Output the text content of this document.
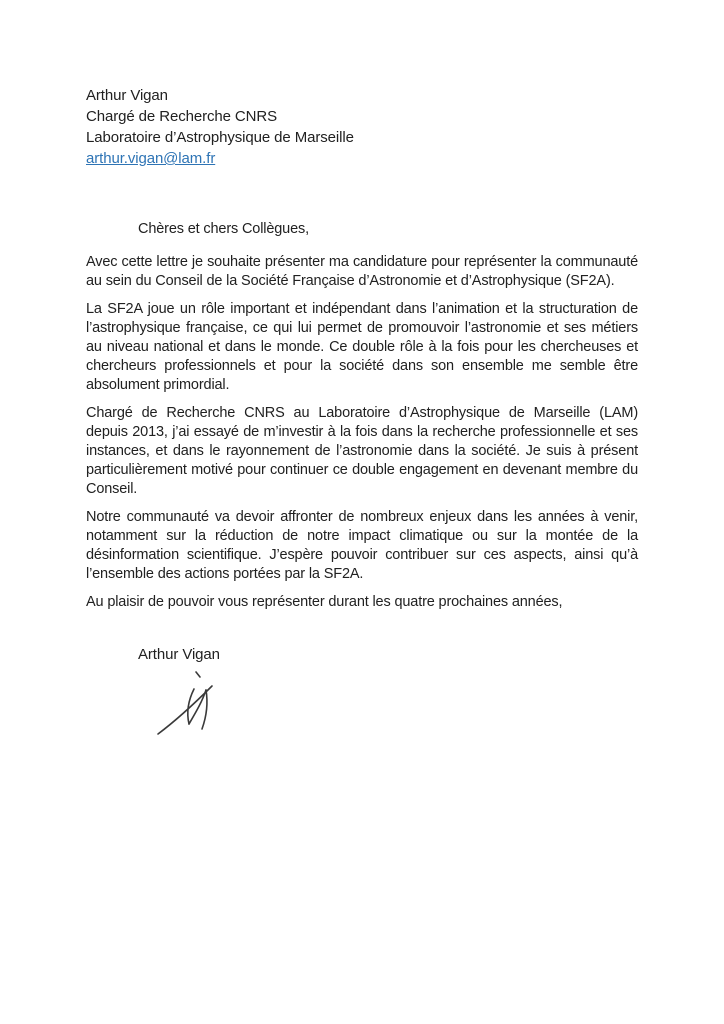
Arthur Vigan
Chargé de Recherche CNRS
Laboratoire d’Astrophysique de Marseille
arthur.vigan@lam.fr
Chères et chers Collègues,

Avec cette lettre je souhaite présenter ma candidature pour représenter la communauté au sein du Conseil de la Société Française d’Astronomie et d’Astrophysique (SF2A).

La SF2A joue un rôle important et indépendant dans l’animation et la structuration de l’astrophysique française, ce qui lui permet de promouvoir l’astronomie et ses métiers au niveau national et dans le monde. Ce double rôle à la fois pour les chercheuses et chercheurs professionnels et pour la société dans son ensemble me semble être absolument primordial.

Chargé de Recherche CNRS au Laboratoire d’Astrophysique de Marseille (LAM) depuis 2013, j’ai essayé de m’investir à la fois dans la recherche professionnelle et ses instances, et dans le rayonnement de l’astronomie dans la société. Je suis à présent particulièrement motivé pour continuer ce double engagement en devenant membre du Conseil.

Notre communauté va devoir affronter de nombreux enjeux dans les années à venir, notamment sur la réduction de notre impact climatique ou sur la montée de la désinformation scientifique. J’espère pouvoir contribuer sur ces aspects, ainsi qu’à l’ensemble des actions portées par la SF2A.

Au plaisir de pouvoir vous représenter durant les quatre prochaines années,

Arthur Vigan
